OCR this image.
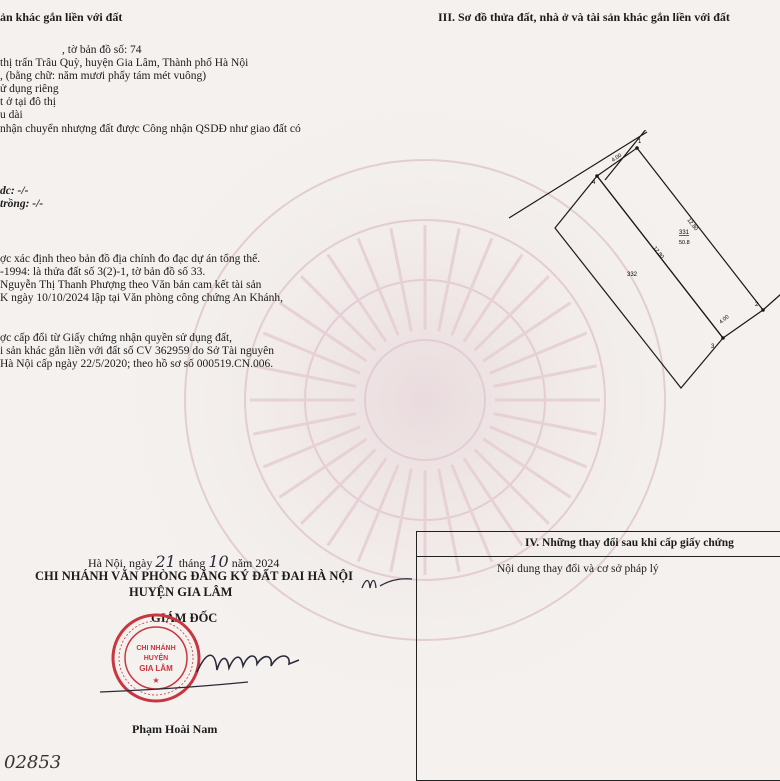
ản khác gắn liền với đất
, tờ bản đồ số: 74
thị trấn Trâu Quỳ, huyện Gia Lâm, Thành phố Hà Nội
, (bằng chữ: năm mươi phẩy tám mét vuông)
ử dụng riêng
t ở tại đô thị
u dài
nhận chuyển nhượng đất được Công nhận QSDĐ như giao đất có
dc: -/-
trồng: -/-
ợc xác định theo bản đồ địa chính đo đạc dự án tổng thể.
-1994: là thửa đất số 3(2)-1, tờ bản đồ số 33.
Nguyễn Thị Thanh Phượng theo Văn bản cam kết tài sản
K ngày 10/10/2024 lập tại Văn phòng công chứng An Khánh,
ợc cấp đổi từ Giấy chứng nhận quyền sử dụng đất,
i sản khác gắn liền với đất số CV 362959 do Sở Tài nguyên
Hà Nội cấp ngày 22/5/2020; theo hồ sơ số 000519.CN.006.
Hà Nội, ngày 21 tháng 10 năm 2024
CHI NHÁNH VĂN PHÒNG ĐĂNG KÝ ĐẤT ĐAI HÀ NỘI
HUYỆN GIA LÂM
GIÁM ĐỐC
CHI NHÁNH
HUYỆN
GIA LÂM
★
Phạm Hoài Nam
02853
III. Sơ đồ thửa đất, nhà ở và tài sản khác gắn liền với đất
1
4
2
3
4.00
4.00
12.80
12.80
331
50.8
332
IV. Những thay đổi sau khi cấp giấy chứng
Nội dung thay đổi và cơ sở pháp lý
